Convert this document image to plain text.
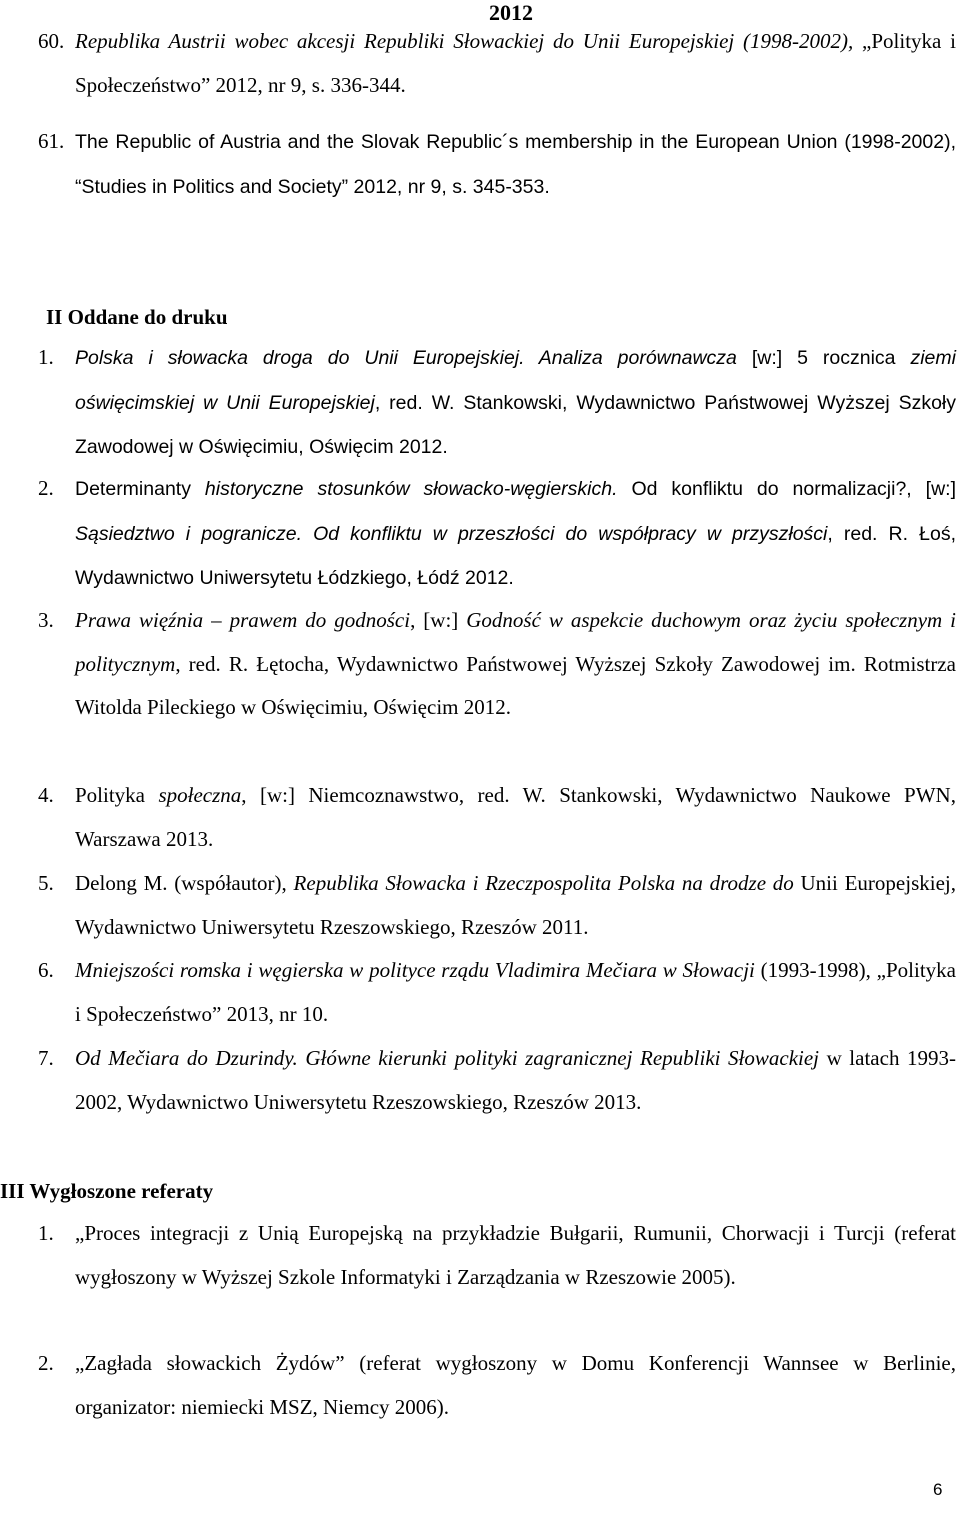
2012
60. Republika Austrii wobec akcesji Republiki Słowackiej do Unii Europejskiej (1998-2002), „Polityka i Społeczeństwo” 2012, nr 9, s. 336-344.
61. The Republic of Austria and the Slovak Republic´s membership in the European Union (1998-2002), “Studies in Politics and Society” 2012, nr 9, s. 345-353.
II Oddane do druku
1. Polska i słowacka droga do Unii Europejskiej. Analiza porównawcza [w:] 5 rocznica ziemi oświęcimskiej w Unii Europejskiej, red. W. Stankowski, Wydawnictwo Państwowej Wyższej Szkoły Zawodowej w Oświęcimiu, Oświęcim 2012.
2. Determinanty historyczne stosunków słowacko-węgierskich. Od konfliktu do normalizacji?, [w:] Sąsiedztwo i pogranicze. Od konfliktu w przeszłości do współpracy w przyszłości, red. R. Łoś, Wydawnictwo Uniwersytetu Łódzkiego, Łódź 2012.
3. Prawa więźnia – prawem do godności, [w:] Godność w aspekcie duchowym oraz życiu społecznym i politycznym, red. R. Łętocha, Wydawnictwo Państwowej Wyższej Szkoły Zawodowej im. Rotmistrza Witolda Pileckiego w Oświęcimiu, Oświęcim 2012.
4. Polityka społeczna, [w:] Niemcoznawstwo, red. W. Stankowski, Wydawnictwo Naukowe PWN, Warszawa 2013.
5. Delong M. (współautor), Republika Słowacka i Rzeczpospolita Polska na drodze do Unii Europejskiej, Wydawnictwo Uniwersytetu Rzeszowskiego, Rzeszów 2011.
6. Mniejszości romska i węgierska w polityce rządu Vladimira Mečiara w Słowacji (1993-1998), „Polityka i Społeczeństwo” 2013, nr 10.
7. Od Mečiara do Dzurindy. Główne kierunki polityki zagranicznej Republiki Słowackiej w latach 1993-2002, Wydawnictwo Uniwersytetu Rzeszowskiego, Rzeszów 2013.
III Wygłoszone referaty
1. „Proces integracji z Unią Europejską na przykładzie Bułgarii, Rumunii, Chorwacji i Turcji (referat wygłoszony w Wyższej Szkole Informatyki i Zarządzania w Rzeszowie 2005).
2. „Zagłada słowackich Żydów” (referat wygłoszony w Domu Konferencji Wannsee w Berlinie, organizator: niemiecki MSZ, Niemcy 2006).
6
